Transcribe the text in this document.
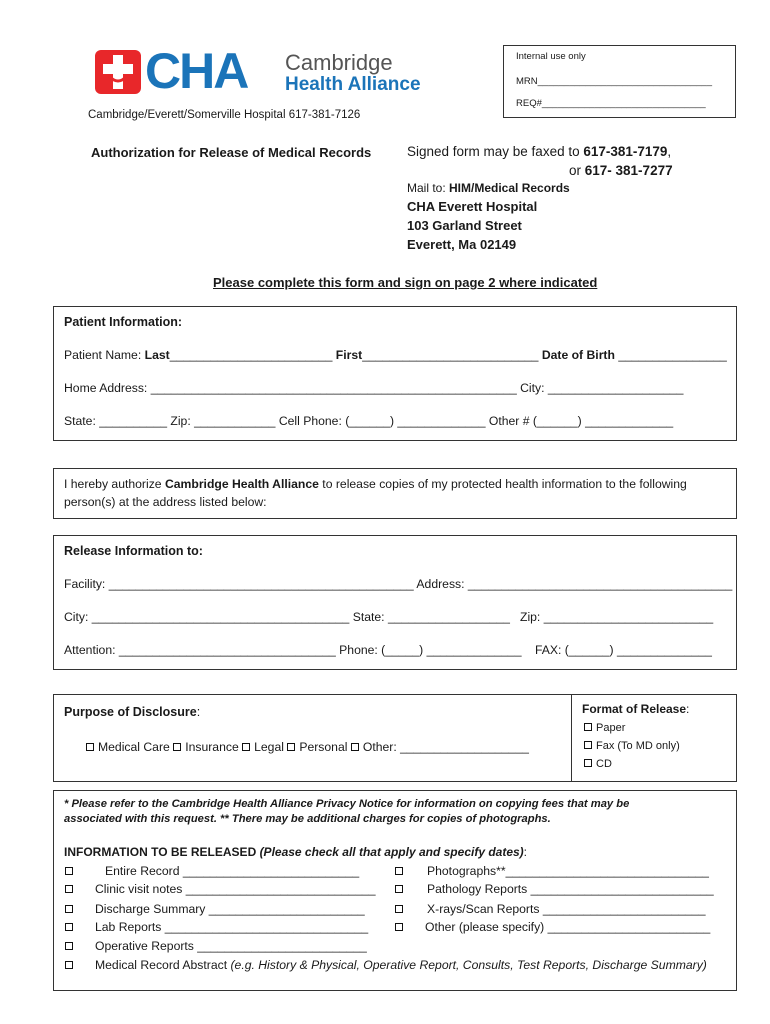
CHA Cambridge
Health Alliance
Cambridge/Everett/Somerville Hospital 617-381-7126
Internal use only
MRN_________________________________
REQ#_______________________________
Authorization for Release of Medical Records	Signed form may be faxed to 617-381-7179,
or 617- 381-7277
Mail to: HIM/Medical Records
CHA Everett Hospital
103 Garland Street
Everett, Ma 02149
Please complete this form and sign on page 2 where indicated
Patient Information:
Patient Name: Last________________________ First__________________________ Date of Birth ________________
Home Address: ______________________________________________________ City: ____________________
State: __________ Zip: ____________ Cell Phone: (______) _____________ Other # (______) _____________
I hereby authorize Cambridge Health Alliance to release copies of my protected health information to the following
person(s) at the address listed below:
Release Information to:
Facility: _____________________________________________ Address: _______________________________________
City: ______________________________________ State: __________________ Zip: _________________________
Attention: ________________________________ Phone: (_____) ______________ FAX: (______) ______________
Purpose of Disclosure:
Medical Care Insurance Legal Personal Other: ___________________
Format of Release:
Paper
Fax (To MD only)
CD
* Please refer to the Cambridge Health Alliance Privacy Notice for information on copying fees that may be
associated with this request. ** There may be additional charges for copies of photographs.
INFORMATION TO BE RELEASED (Please check all that apply and specify dates):
Entire Record __________________________
Clinic visit notes ____________________________
Discharge Summary _______________________
Lab Reports ______________________________
Operative Reports _________________________
Photographs**______________________________
Pathology Reports ___________________________
X-rays/Scan Reports ________________________
Other (please specify) ________________________
Medical Record Abstract (e.g. History & Physical, Operative Report, Consults, Test Reports, Discharge Summary)
